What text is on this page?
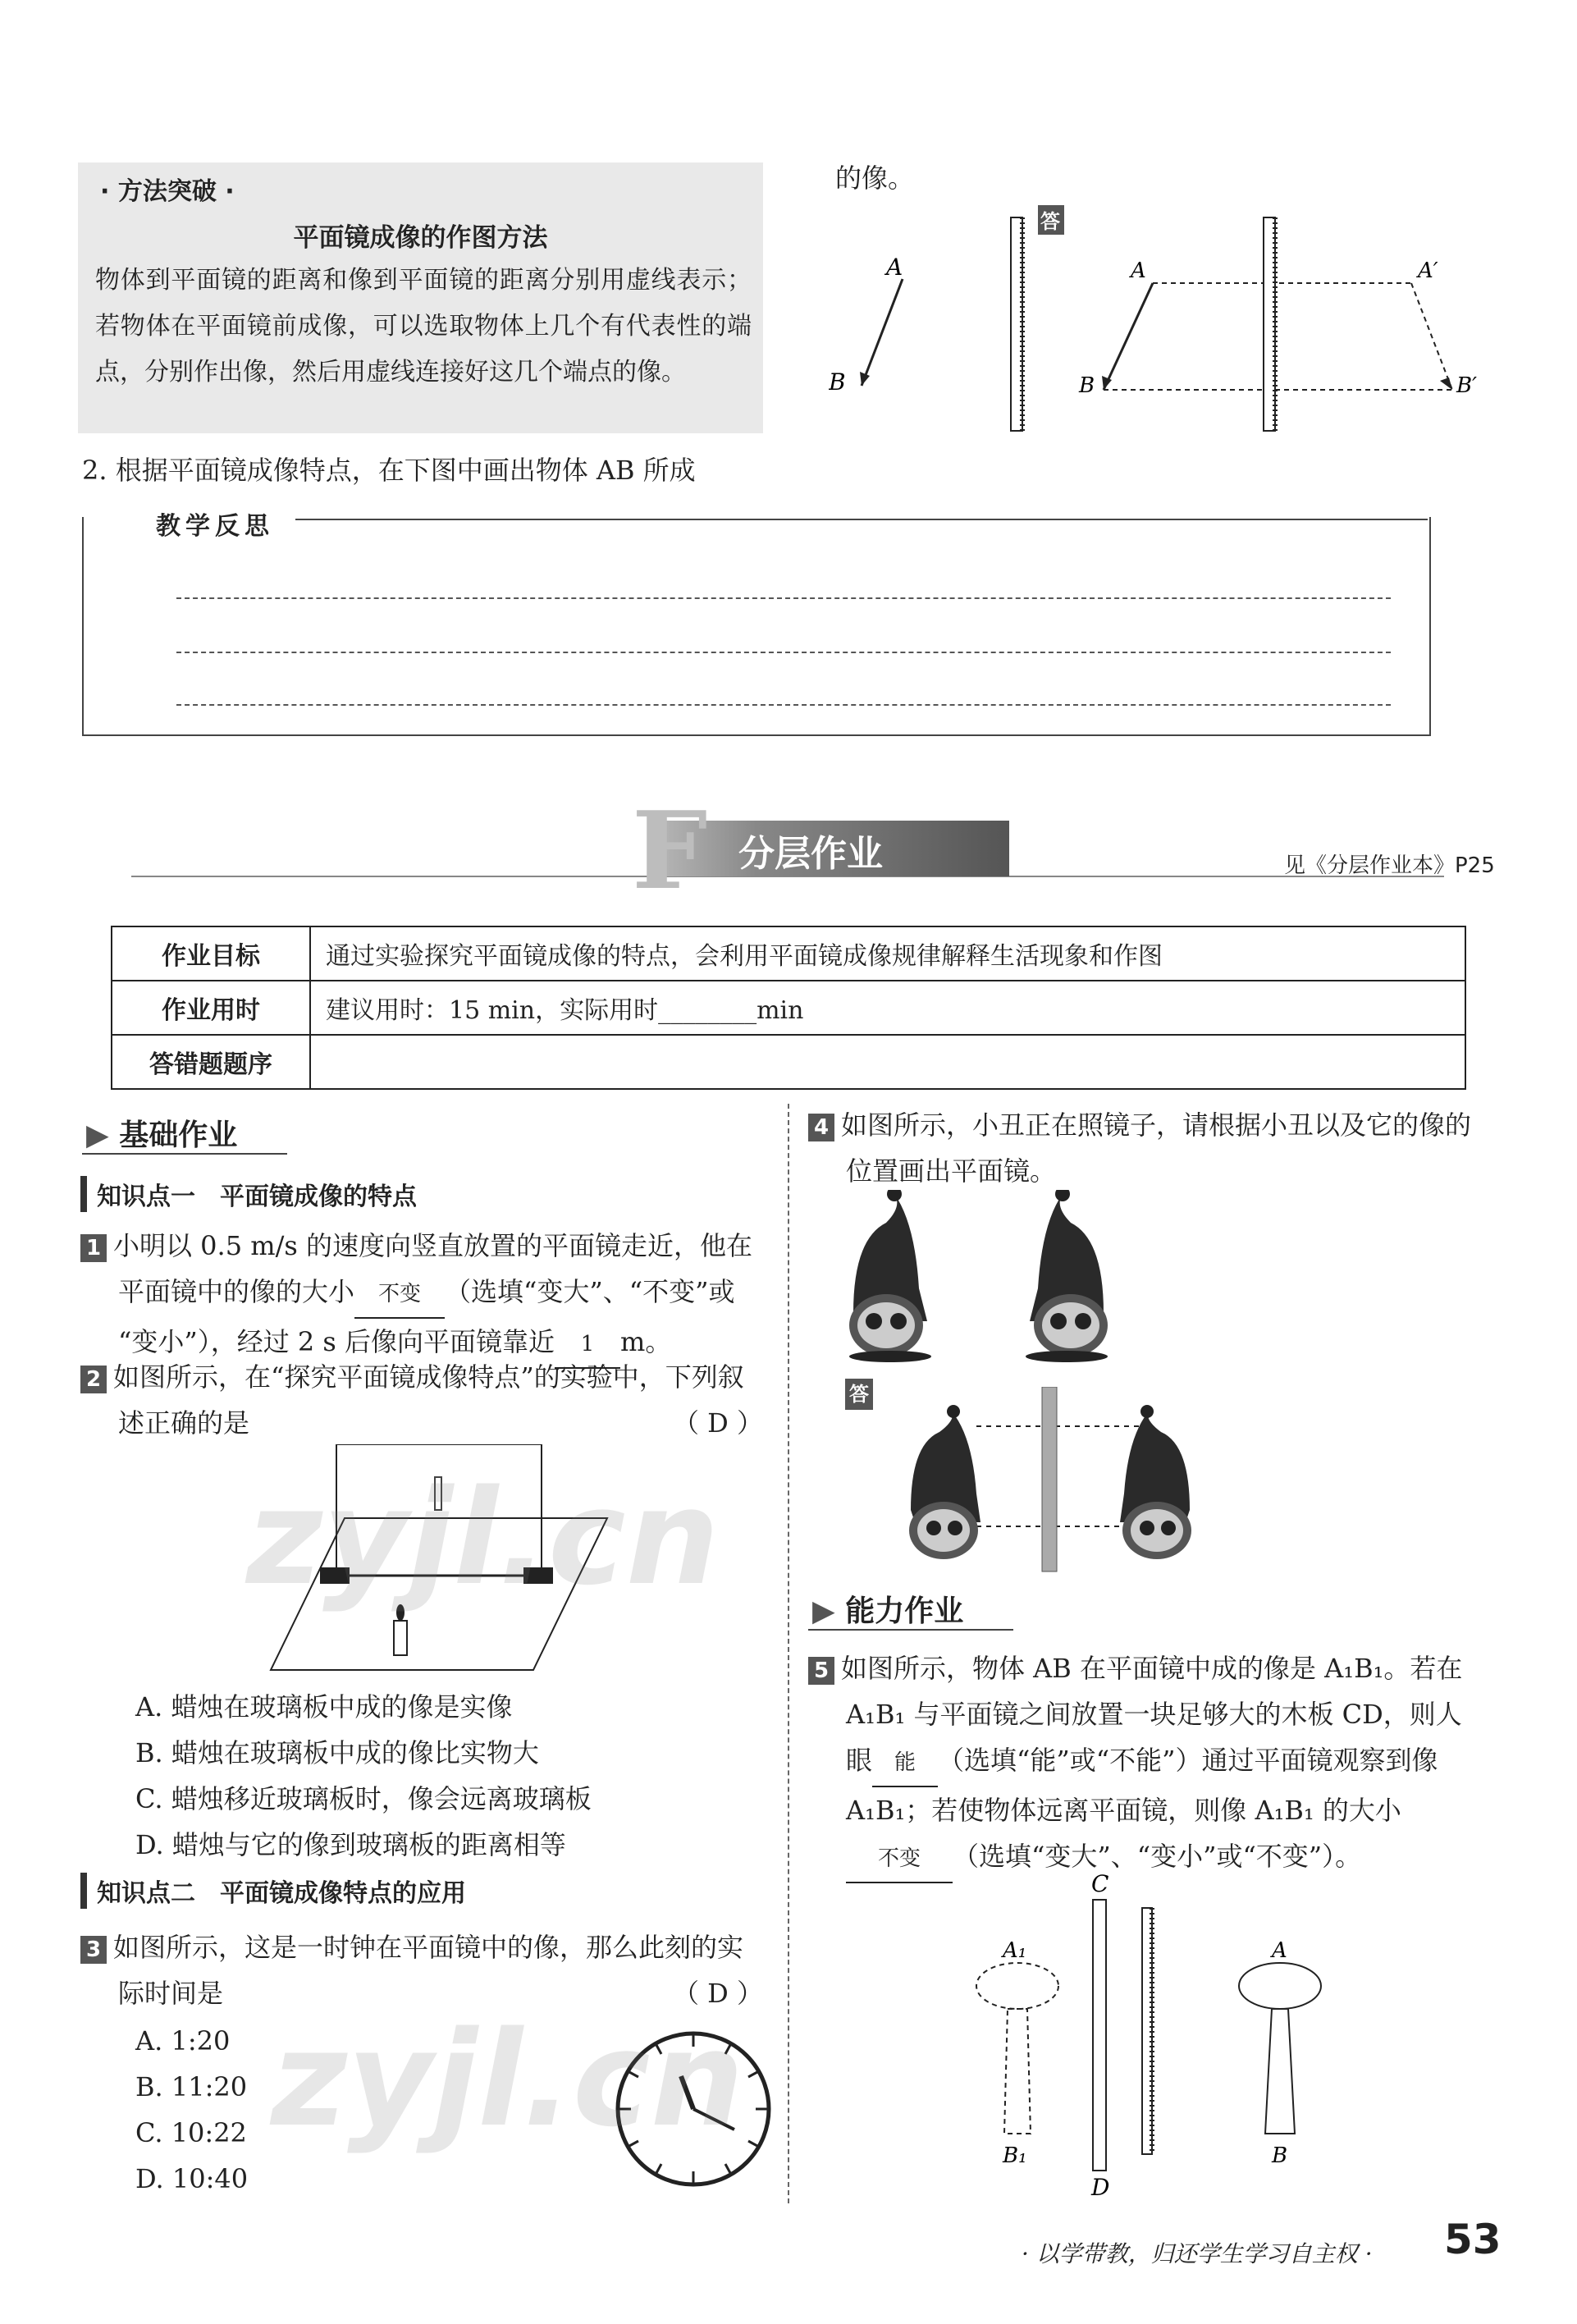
· 方法突破 ·
平面镜成像的作图方法
物体到平面镜的距离和像到平面镜的距离分别用虚线表示；若物体在平面镜前成像，可以选取物体上几个有代表性的端点，分别作出像，然后用虚线连接好这几个端点的像。
2. 根据平面镜成像特点，在下图中画出物体 AB 所成
的像。
A
B
答
A
B
A′
B′
教学反思
F 分层作业	见《分层作业本》P25
作业目标	通过实验探究平面镜成像的特点，会利用平面镜成像规律解释生活现象和作图
作业用时	建议用时：15 min，实际用时________min
答错题题序	
▶ 基础作业
知识点一　平面镜成像的特点
1 小明以 0.5 m/s 的速度向竖直放置的平面镜走近，他在
平面镜中的像的大小 不变 （选填“变大”、“不变”或
“变小”），经过 2 s 后像向平面镜靠近 1 m。
2 如图所示，在“探究平面镜成像特点”的实验中，下列叙
述正确的是	（ D ）
zyjl.cn
A. 蜡烛在玻璃板中成的像是实像
B. 蜡烛在玻璃板中成的像比实物大
C. 蜡烛移近玻璃板时，像会远离玻璃板
D. 蜡烛与它的像到玻璃板的距离相等
知识点二　平面镜成像特点的应用
3 如图所示，这是一时钟在平面镜中的像，那么此刻的实
际时间是	（ D ）
A. 1:20
B. 11:20
C. 10:22
D. 10:40
zyjl.cn
4 如图所示，小丑正在照镜子，请根据小丑以及它的像的
位置画出平面镜。
答
▶ 能力作业
5 如图所示，物体 AB 在平面镜中成的像是 A₁B₁。若在
A₁B₁ 与平面镜之间放置一块足够大的木板 CD，则人
眼 能 （选填“能”或“不能”）通过平面镜观察到像
A₁B₁；若使物体远离平面镜，则像 A₁B₁ 的大小
不变 （选填“变大”、“变小”或“不变”）。
C
D
A₁
B₁
A
B
· 以学带教，归还学生学习自主权 · 53
